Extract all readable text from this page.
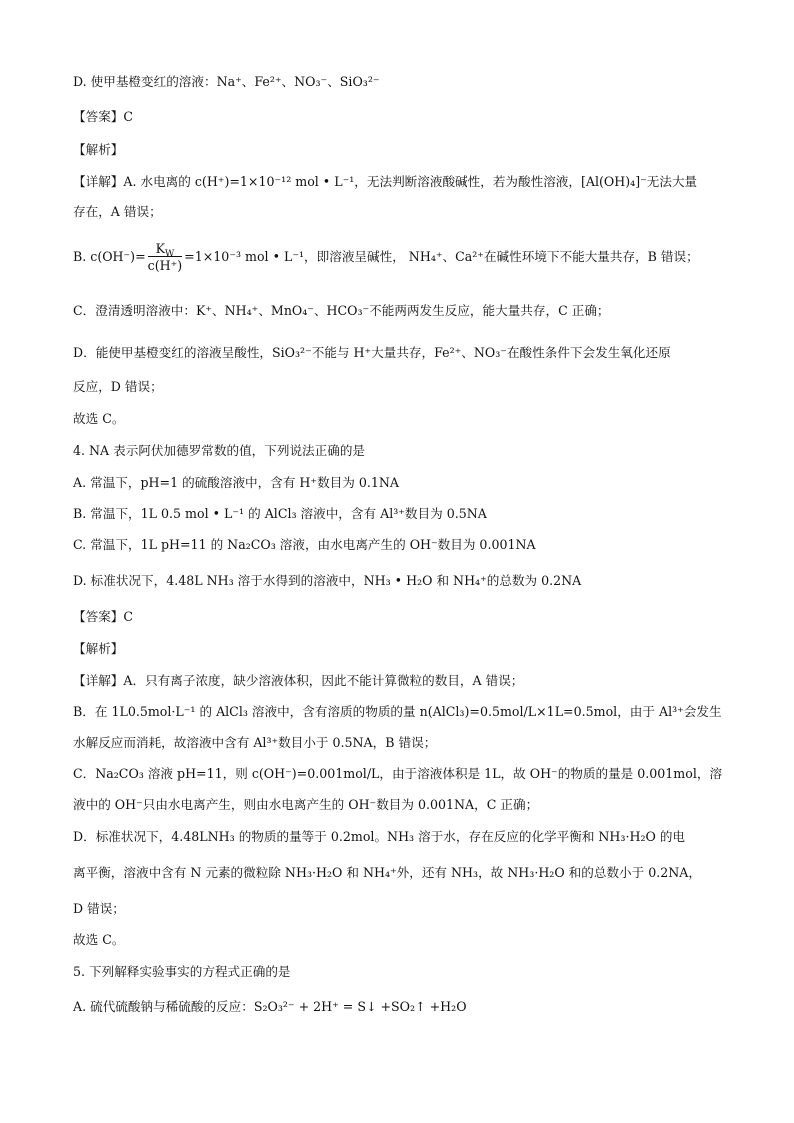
D. 使甲基橙变红的溶液：Na⁺、Fe²⁺、NO₃⁻、SiO₃²⁻
【答案】C
【解析】
【详解】A. 水电离的 c(H⁺)=1×10⁻¹² mol • L⁻¹，无法判断溶液酸碱性，若为酸性溶液，[Al(OH)₄]⁻无法大量
存在，A 错误；
B. $c(OH^-)= \frac{K_W}{c(H^+)} =1\times 10^{-3}$ mol • L⁻¹，即溶液呈碱性， NH₄⁺、Ca²⁺在碱性环境下不能大量共存，B 错误；
C．澄清透明溶液中：K⁺、NH₄⁺、MnO₄⁻、HCO₃⁻不能两两发生反应，能大量共存，C 正确；
D．能使甲基橙变红的溶液呈酸性，SiO₃²⁻不能与 H⁺大量共存，Fe²⁺、NO₃⁻在酸性条件下会发生氧化还原
反应，D 错误；
故选 C。
4. NA 表示阿伏加德罗常数的值，下列说法正确的是
A. 常温下，pH=1 的硫酸溶液中，含有 H⁺数目为 0.1NA
B. 常温下，1L 0.5 mol • L⁻¹ 的 AlCl₃ 溶液中，含有 Al³⁺数目为 0.5NA
C. 常温下，1L pH=11 的 Na₂CO₃ 溶液，由水电离产生的 OH⁻数目为 0.001NA
D. 标准状况下，4.48L NH₃ 溶于水得到的溶液中，NH₃ • H₂O 和 NH₄⁺的总数为 0.2NA
【答案】C
【解析】
【详解】A．只有离子浓度，缺少溶液体积，因此不能计算微粒的数目，A 错误；
B．在 1L0.5mol·L⁻¹ 的 AlCl₃ 溶液中，含有溶质的物质的量 n(AlCl₃)=0.5mol/L×1L=0.5mol，由于 Al³⁺会发生
水解反应而消耗，故溶液中含有 Al³⁺数目小于 0.5NA，B 错误；
C．Na₂CO₃ 溶液 pH=11，则 c(OH⁻)=0.001mol/L，由于溶液体积是 1L，故 OH⁻的物质的量是 0.001mol，溶
液中的 OH⁻只由水电离产生，则由水电离产生的 OH⁻数目为 0.001NA，C 正确；
D．标准状况下，4.48LNH₃ 的物质的量等于 0.2mol。NH₃ 溶于水，存在反应的化学平衡和 NH₃·H₂O 的电
离平衡，溶液中含有 N 元素的微粒除 NH₃·H₂O 和 NH₄⁺外，还有 NH₃，故 NH₃·H₂O 和的总数小于 0.2NA，
D 错误；
故选 C。
5. 下列解释实验事实的方程式正确的是
A. 硫代硫酸钠与稀硫酸的反应：S₂O₃²⁻ + 2H⁺ = S↓ +SO₂↑ +H₂O
